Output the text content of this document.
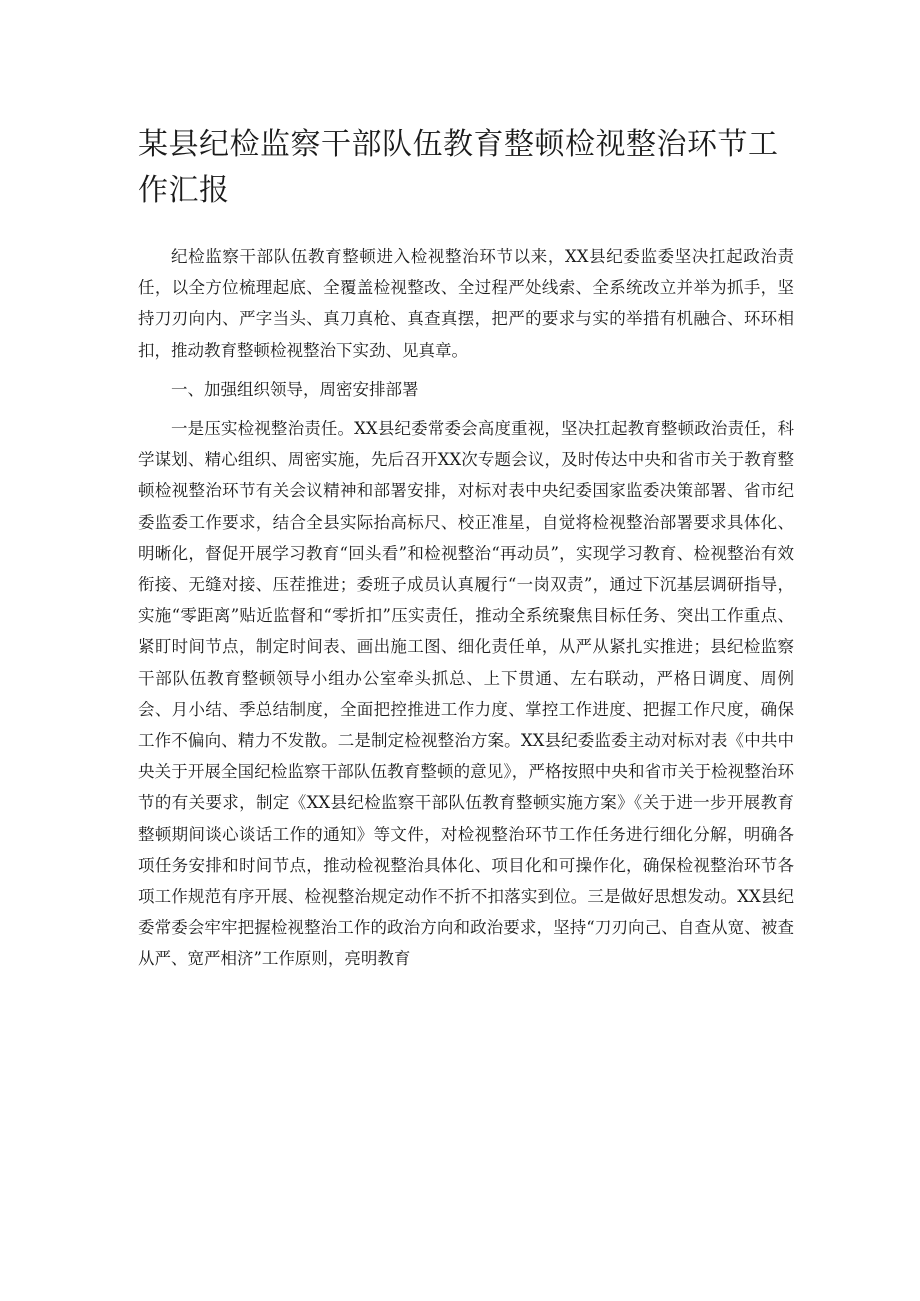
某县纪检监察干部队伍教育整顿检视整治环节工作汇报

纪检监察干部队伍教育整顿进入检视整治环节以来，XX县纪委监委坚决扛起政治责任，以全方位梳理起底、全覆盖检视整改、全过程严处线索、全系统改立并举为抓手，坚持刀刃向内、严字当头、真刀真枪、真查真摆，把严的要求与实的举措有机融合、环环相扣，推动教育整顿检视整治下实劲、见真章。

一、加强组织领导，周密安排部署

一是压实检视整治责任。XX县纪委常委会高度重视，坚决扛起教育整顿政治责任，科学谋划、精心组织、周密实施，先后召开XX次专题会议，及时传达中央和省市关于教育整顿检视整治环节有关会议精神和部署安排，对标对表中央纪委国家监委决策部署、省市纪委监委工作要求，结合全县实际抬高标尺、校正准星，自觉将检视整治部署要求具体化、明晰化，督促开展学习教育“回头看”和检视整治“再动员”，实现学习教育、检视整治有效衔接、无缝对接、压茬推进；委班子成员认真履行“一岗双责”，通过下沉基层调研指导，实施“零距离”贴近监督和“零折扣”压实责任，推动全系统聚焦目标任务、突出工作重点、紧盯时间节点，制定时间表、画出施工图、细化责任单，从严从紧扎实推进；县纪检监察干部队伍教育整顿领导小组办公室牵头抓总、上下贯通、左右联动，严格日调度、周例会、月小结、季总结制度，全面把控推进工作力度、掌控工作进度、把握工作尺度，确保工作不偏向、精力不发散。二是制定检视整治方案。XX县纪委监委主动对标对表《中共中央关于开展全国纪检监察干部队伍教育整顿的意见》，严格按照中央和省市关于检视整治环节的有关要求，制定《XX县纪检监察干部队伍教育整顿实施方案》《关于进一步开展教育整顿期间谈心谈话工作的通知》等文件，对检视整治环节工作任务进行细化分解，明确各项任务安排和时间节点，推动检视整治具体化、项目化和可操作化，确保检视整治环节各项工作规范有序开展、检视整治规定动作不折不扣落实到位。三是做好思想发动。XX县纪委常委会牢牢把握检视整治工作的政治方向和政治要求，坚持“刀刃向己、自查从宽、被查从严、宽严相济”工作原则，亮明教育
